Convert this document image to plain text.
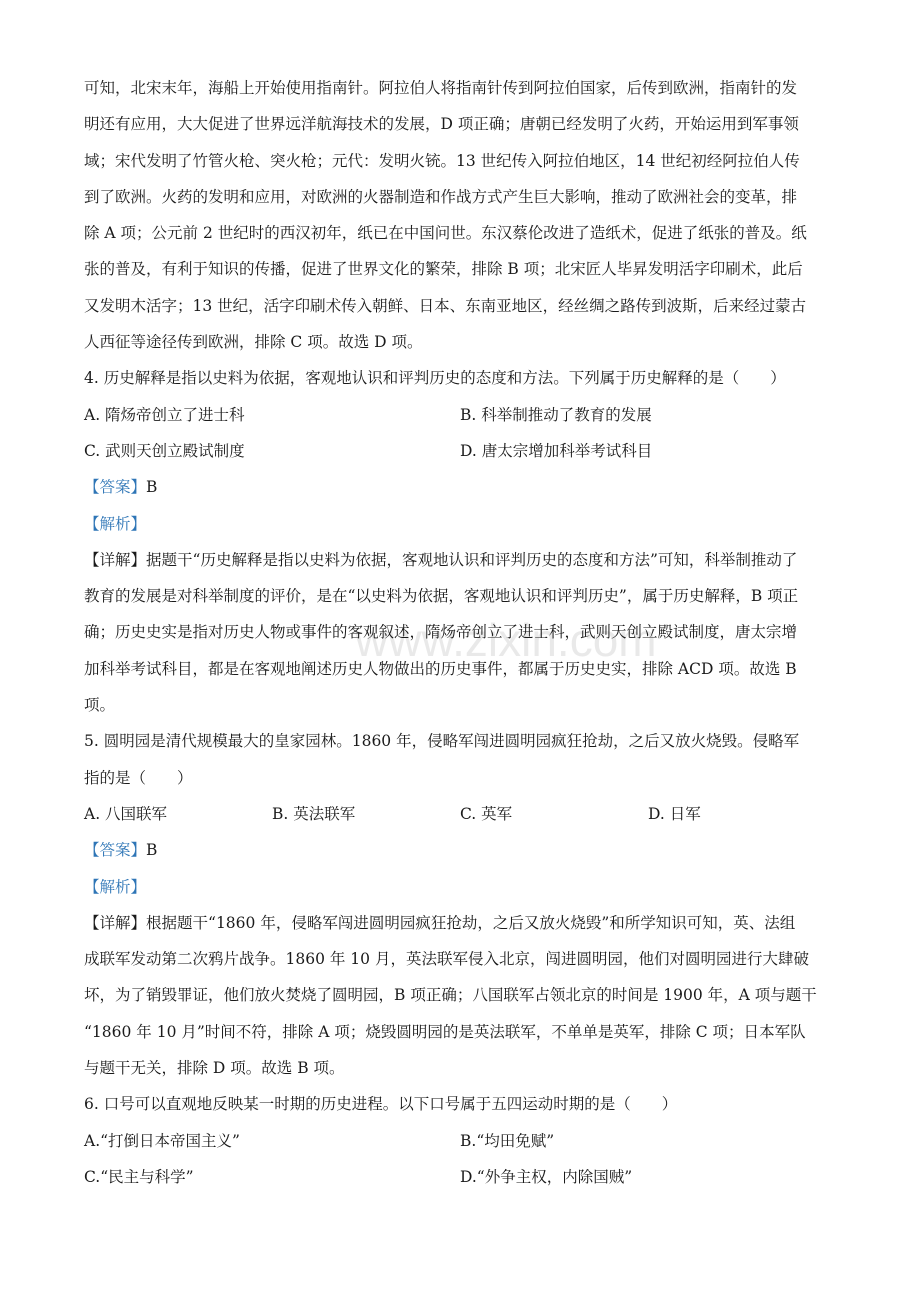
www.zixin.com
可知，北宋末年，海船上开始使用指南针。阿拉伯人将指南针传到阿拉伯国家，后传到欧洲，指南针的发
明还有应用，大大促进了世界远洋航海技术的发展，D 项正确；唐朝已经发明了火药，开始运用到军事领
域；宋代发明了竹管火枪、突火枪；元代：发明火铳。13 世纪传入阿拉伯地区，14 世纪初经阿拉伯人传
到了欧洲。火药的发明和应用，对欧洲的火器制造和作战方式产生巨大影响，推动了欧洲社会的变革，排
除 A 项；公元前 2 世纪时的西汉初年，纸已在中国问世。东汉蔡伦改进了造纸术，促进了纸张的普及。纸
张的普及，有利于知识的传播，促进了世界文化的繁荣，排除 B 项；北宋匠人毕昇发明活字印刷术，此后
又发明木活字；13 世纪，活字印刷术传入朝鲜、日本、东南亚地区，经丝绸之路传到波斯，后来经过蒙古
人西征等途径传到欧洲，排除 C 项。故选 D 项。
4. 历史解释是指以史料为依据，客观地认识和评判历史的态度和方法。下列属于历史解释的是（　　）
A. 隋炀帝创立了进士科	B. 科举制推动了教育的发展
C. 武则天创立殿试制度	D. 唐太宗增加科举考试科目
【答案】B
【解析】
【详解】据题干“历史解释是指以史料为依据，客观地认识和评判历史的态度和方法”可知，科举制推动了
教育的发展是对科举制度的评价，是在“以史料为依据，客观地认识和评判历史”，属于历史解释，B 项正
确；历史史实是指对历史人物或事件的客观叙述，隋炀帝创立了进士科，武则天创立殿试制度，唐太宗增
加科举考试科目，都是在客观地阐述历史人物做出的历史事件，都属于历史史实，排除 ACD 项。故选 B
项。
5. 圆明园是清代规模最大的皇家园林。1860 年，侵略军闯进圆明园疯狂抢劫，之后又放火烧毁。侵略军
指的是（　　）
A. 八国联军	B. 英法联军	C. 英军	D. 日军
【答案】B
【解析】
【详解】根据题干“1860 年，侵略军闯进圆明园疯狂抢劫，之后又放火烧毁”和所学知识可知，英、法组
成联军发动第二次鸦片战争。1860 年 10 月，英法联军侵入北京，闯进圆明园，他们对圆明园进行大肆破
坏，为了销毁罪证，他们放火焚烧了圆明园，B 项正确；八国联军占领北京的时间是 1900 年，A 项与题干
“1860 年 10 月”时间不符，排除 A 项；烧毁圆明园的是英法联军，不单单是英军，排除 C 项；日本军队
与题干无关，排除 D 项。故选 B 项。
6. 口号可以直观地反映某一时期的历史进程。以下口号属于五四运动时期的是（　　）
A.“打倒日本帝国主义”	B.“均田免赋”
C.“民主与科学”	D.“外争主权，内除国贼”
